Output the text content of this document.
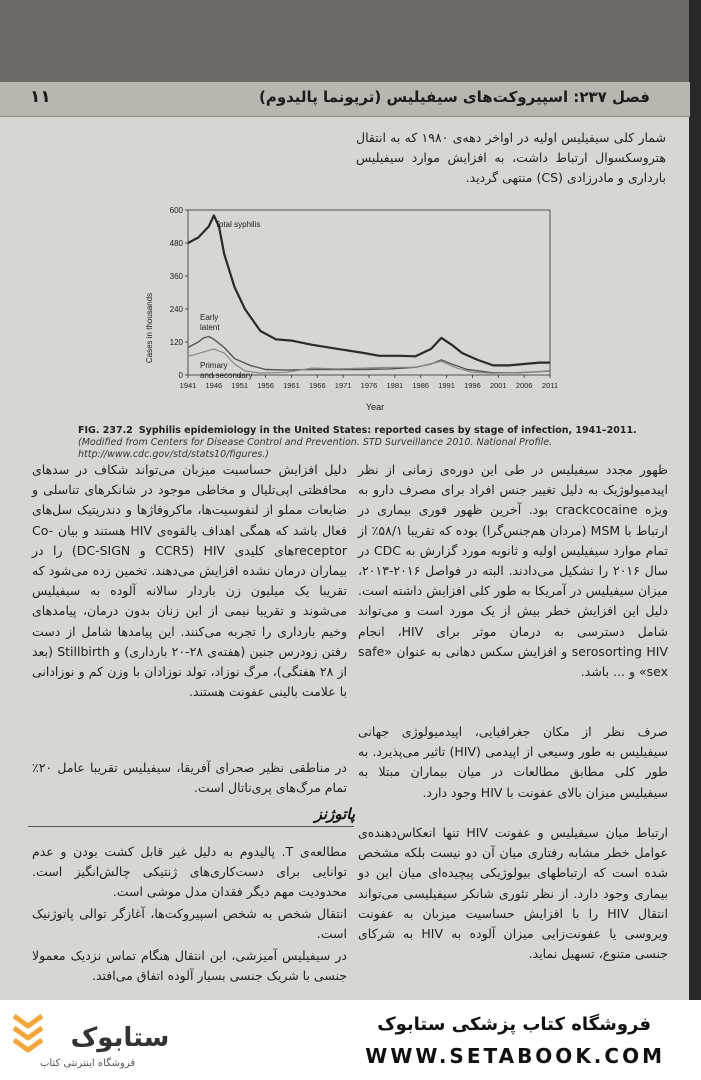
۱۱	فصل ۲۳۷: اسپیروکت‌های سیفیلیس (ترپونما پالیدوم)
شمار کلی سیفیلیس اولیه در اواخر دهه‌ی ۱۹۸۰ که به انتقال هتروسکسوال ارتباط داشت، به افزایش موارد سیفیلیس بارداری و مادرزادی (CS) منتهی گردید.
0
120
240
360
480
600
1941 1946 1951 1956 1961 1966 1971 1976 1981 1986 1991 1996 2001 2006 2011
Cases in thousands
Year
Total syphilis
Early
latent
Primary
and secondary
FIG. 237.2 Syphilis epidemiology in the United States: reported cases by stage of infection, 1941–2011. (Modified from Centers for Disease Control and Prevention. STD Surveillance 2010. National Profile. http://www.cdc.gov/std/stats10/figures.)
ظهور مجدد سیفیلیس در طی این دوره‌ی زمانی از نظر اپیدمیولوژیک به دلیل تغییر جنس افراد برای مصرف دارو به ویژه crackcocaine بود. آخرین ظهور فوری بیماری در ارتباط با MSM (مردان هم‌جنس‌گرا) بوده که تقریبا ۵۸/۱٪ از تمام موارد سیفیلیس اولیه و ثانویه مورد گزارش به CDC در سال ۲۰۱۶ را تشکیل می‌دادند. البته در فواصل ۲۰۱۶-۲۰۱۳، میزان سیفیلیس در آمریکا به طور کلی افزایش داشته است. دلیل این افزایش خطر بیش از یک مورد است و می‌تواند شامل دسترسی به درمان موثر برای HIV، انجام serosorting HIV و افزایش سکس دهانی به عنوان «safe sex» و ... باشد.
صرف نظر از مکان جغرافیایی، اپیدمیولوژی جهانی سیفیلیس به طور وسیعی از اپیدمی (HIV) تاثیر می‌پذیرد. به طور کلی مطابق مطالعات در میان بیماران مبتلا به سیفیلیس میزان بالای عفونت با HIV وجود دارد.
ارتباط میان سیفیلیس و عفونت HIV تنها انعکاس‌دهنده‌ی عوامل خطر مشابه رفتاری میان آن دو نیست بلکه مشخص شده است که ارتباطهای بیولوژیکی پیچیده‌ای میان این دو بیماری وجود دارد. از نظر تئوری شانکر سیفیلیسی می‌تواند انتقال HIV را با افزایش حساسیت میزبان به عفونت ویروسی یا عفونت‌زایی میزان آلوده به HIV به شرکای جنسی متنوع، تسهیل نماید.
دلیل افزایش حساسیت میزبان می‌تواند شکاف در سدهای محافظتی اپی‌تلیال و مخاطی موجود در شانکرهای تناسلی و ضایعات مملو از لنفوسیت‌ها، ماکروفاژها و دندریتیک سل‌های فعال باشد که همگی اهداف بالقوه‌ی HIV هستند و بیان Co-receptorهای کلیدی HIV (CCR5 و DC-SIGN) را در بیماران درمان نشده افزایش می‌دهند. تخمین زده می‌شود که تقریبا یک میلیون زن باردار سالانه آلوده به سیفیلیس می‌شوند و تقریبا نیمی از این زنان بدون درمان، پیامدهای وخیم بارداری را تجربه می‌کنند. این پیامدها شامل از دست رفتن زودرس جنین (هفته‌ی ۲۸-۲۰ بارداری) و Stillbirth (بعد از ۲۸ هفتگی)، مرگ نوزاد، تولد نوزادان با وزن کم و نوزادانی با علامت بالینی عفونت هستند.
در مناطقی نظیر صحرای آفریقا، سیفیلیس تقریبا عامل ۲۰٪ تمام مرگ‌های پری‌ناتال است.
پاتوژنز
مطالعه‌ی T. پالیدوم به دلیل غیر قابل کشت بودن و عدم توانایی برای دست‌کاری‌های ژنتیکی چالش‌انگیز است. محدودیت مهم دیگر فقدان مدل موشی است.
انتقال شخص به شخص اسپیروکت‌ها، آغازگر توالی پاتوژنیک است.
در سیفیلیس آمیزشی، این انتقال هنگام تماس نزدیک معمولا جنسی با شریک جنسی بسیار آلوده اتفاق می‌افتد.
ستابوک
فروشگاه اینترنتی کتاب
فروشگاه کتاب پزشکی ستابوک
WWW.SETABOOK.COM
